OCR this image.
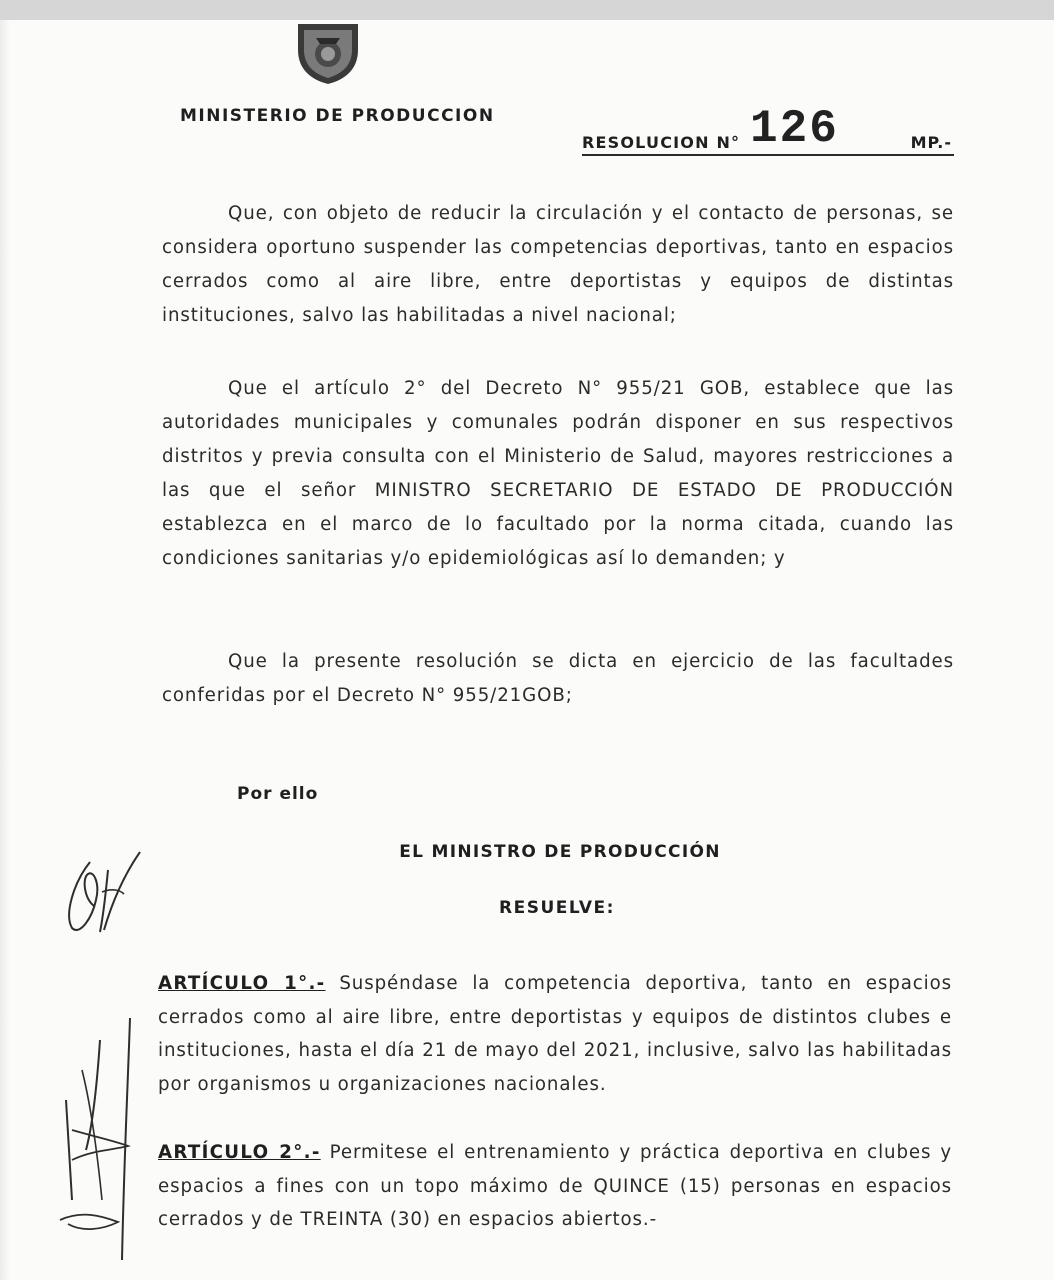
MINISTERIO DE PRODUCCION

RESOLUCION N° 126	MP.-

Que, con objeto de reducir la circulación y el contacto de personas, se considera oportuno suspender las competencias deportivas, tanto en espacios cerrados como al aire libre, entre deportistas y equipos de distintas instituciones, salvo las habilitadas a nivel nacional;

Que el artículo 2° del Decreto N° 955/21 GOB, establece que las autoridades municipales y comunales podrán disponer en sus respectivos distritos y previa consulta con el Ministerio de Salud, mayores restricciones a las que el señor MINISTRO SECRETARIO DE ESTADO DE PRODUCCIÓN establezca en el marco de lo facultado por la norma citada, cuando las condiciones sanitarias y/o epidemiológicas así lo demanden; y

Que la presente resolución se dicta en ejercicio de las facultades conferidas por el Decreto N° 955/21GOB;

Por ello

EL MINISTRO DE PRODUCCIÓN

RESUELVE:

ARTÍCULO 1°.- Suspéndase la competencia deportiva, tanto en espacios cerrados como al aire libre, entre deportistas y equipos de distintos clubes e instituciones, hasta el día 21 de mayo del 2021, inclusive, salvo las habilitadas por organismos u organizaciones nacionales.

ARTÍCULO 2°.- Permitese el entrenamiento y práctica deportiva en clubes y espacios a fines con un topo máximo de QUINCE (15) personas en espacios cerrados y de TREINTA (30) en espacios abiertos.-
